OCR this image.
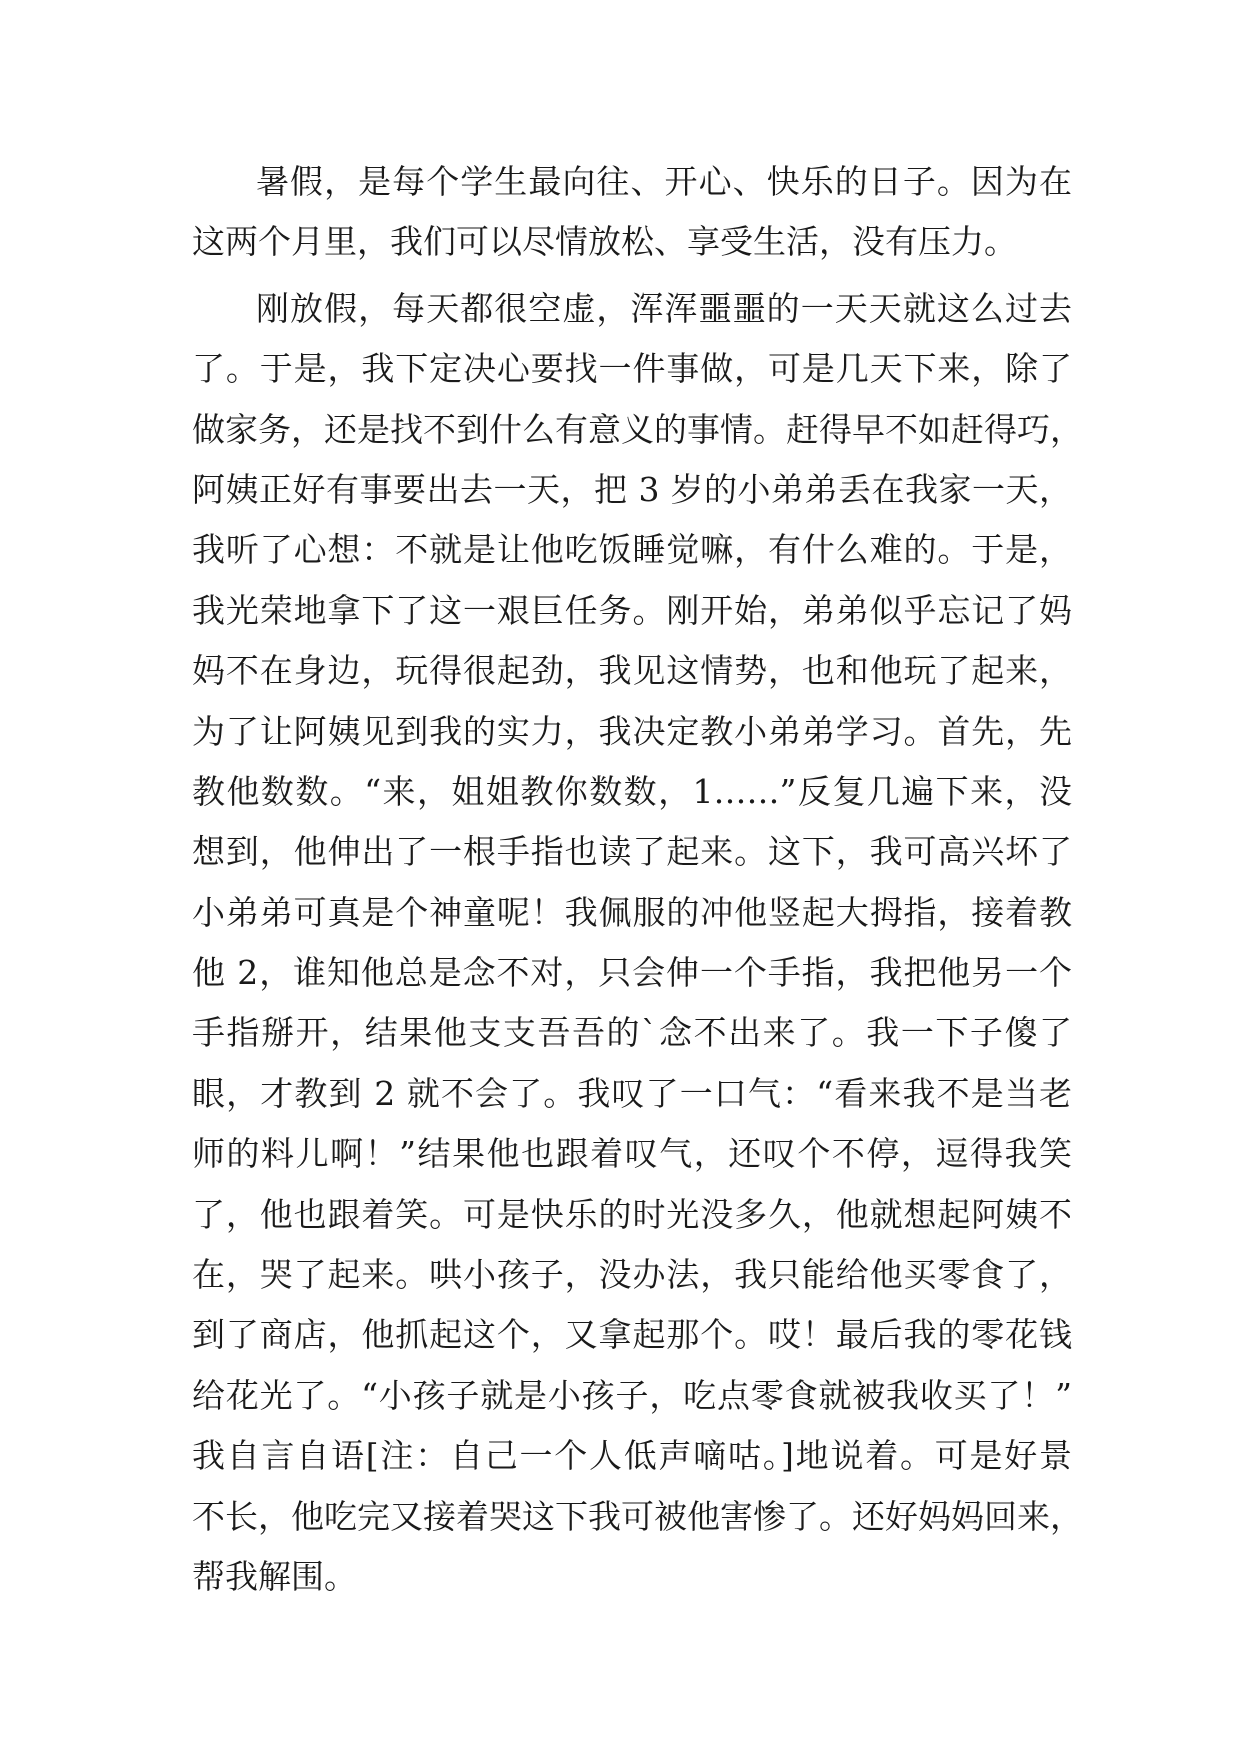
暑假，是每个学生最向往、开心、快乐的日子。因为在
这两个月里，我们可以尽情放松、享受生活，没有压力。
刚放假，每天都很空虚，浑浑噩噩的一天天就这么过去
了。于是，我下定决心要找一件事做，可是几天下来，除了
做家务，还是找不到什么有意义的事情。赶得早不如赶得巧，
阿姨正好有事要出去一天，把 3 岁的小弟弟丢在我家一天，
我听了心想：不就是让他吃饭睡觉嘛，有什么难的。于是，
我光荣地拿下了这一艰巨任务。刚开始，弟弟似乎忘记了妈
妈不在身边，玩得很起劲，我见这情势，也和他玩了起来，
为了让阿姨见到我的实力，我决定教小弟弟学习。首先，先
教他数数。“来，姐姐教你数数，1……”反复几遍下来，没
想到，他伸出了一根手指也读了起来。这下，我可高兴坏了
小弟弟可真是个神童呢！我佩服的冲他竖起大拇指，接着教
他 2，谁知他总是念不对，只会伸一个手指，我把他另一个
手指掰开，结果他支支吾吾的`念不出来了。我一下子傻了
眼，才教到 2 就不会了。我叹了一口气：“看来我不是当老
师的料儿啊！”结果他也跟着叹气，还叹个不停，逗得我笑
了，他也跟着笑。可是快乐的时光没多久，他就想起阿姨不
在，哭了起来。哄小孩子，没办法，我只能给他买零食了，
到了商店，他抓起这个，又拿起那个。哎！最后我的零花钱
给花光了。“小孩子就是小孩子，吃点零食就被我收买了！”
我自言自语[注：自己一个人低声嘀咕。]地说着。可是好景
不长，他吃完又接着哭这下我可被他害惨了。还好妈妈回来，
帮我解围。
